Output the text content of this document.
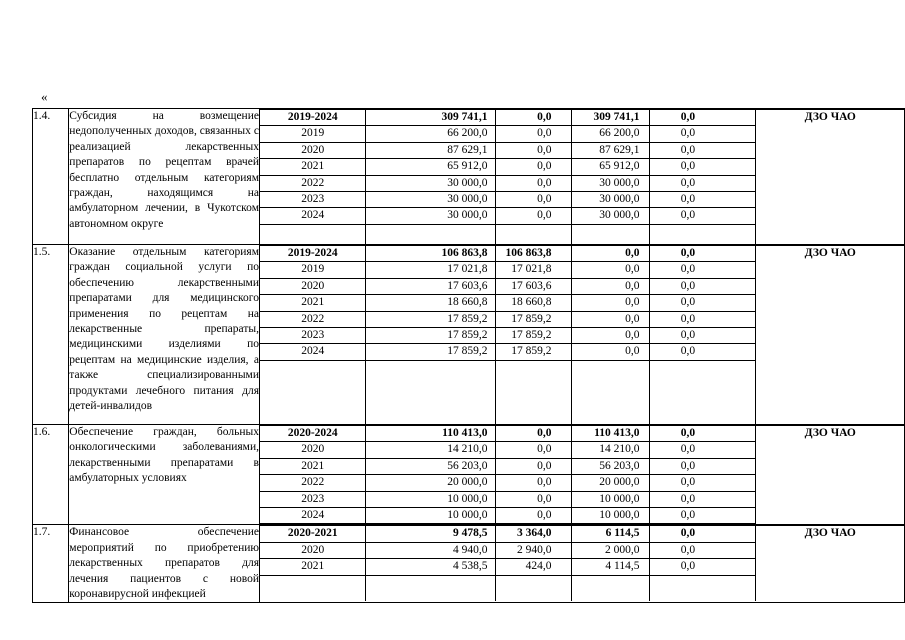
«
1.4.	Субсидия на возмещение недополученных доходов, связанных с реализацией лекарственных препаратов по рецептам врачей бесплатно отдельным категориям граждан, находящимся на амбулаторном лечении, в Чукотском автономном округе

2019-2024	309 741,1	0,0	309 741,1	0,0	ДЗО ЧАО
2019	66 200,0	0,0	66 200,0	0,0
2020	87 629,1	0,0	87 629,1	0,0
2021	65 912,0	0,0	65 912,0	0,0
2022	30 000,0	0,0	30 000,0	0,0
2023	30 000,0	0,0	30 000,0	0,0
2024	30 000,0	0,0	30 000,0	0,0

1.5.	Оказание отдельным категориям граждан социальной услуги по обеспечению лекарственными препаратами для медицинского применения по рецептам на лекарственные препараты, медицинскими изделиями по рецептам на медицинские изделия, а также специализированными продуктами лечебного питания для детей-инвалидов

2019-2024	106 863,8	106 863,8	0,0	0,0	ДЗО ЧАО
2019	17 021,8	17 021,8	0,0	0,0
2020	17 603,6	17 603,6	0,0	0,0
2021	18 660,8	18 660,8	0,0	0,0
2022	17 859,2	17 859,2	0,0	0,0
2023	17 859,2	17 859,2	0,0	0,0
2024	17 859,2	17 859,2	0,0	0,0

1.6.	Обеспечение граждан, больных онкологическими заболеваниями, лекарственными препаратами в амбулаторных условиях

2020-2024	110 413,0	0,0	110 413,0	0,0	ДЗО ЧАО
2020	14 210,0	0,0	14 210,0	0,0
2021	56 203,0	0,0	56 203,0	0,0
2022	20 000,0	0,0	20 000,0	0,0
2023	10 000,0	0,0	10 000,0	0,0
2024	10 000,0	0,0	10 000,0	0,0

1.7.	Финансовое обеспечение мероприятий по приобретению лекарственных препаратов для лечения пациентов с новой коронавирусной инфекцией

2020-2021	9 478,5	3 364,0	6 114,5	0,0	ДЗО ЧАО
2020	4 940,0	2 940,0	2 000,0	0,0
2021	4 538,5	424,0	4 114,5	0,0
